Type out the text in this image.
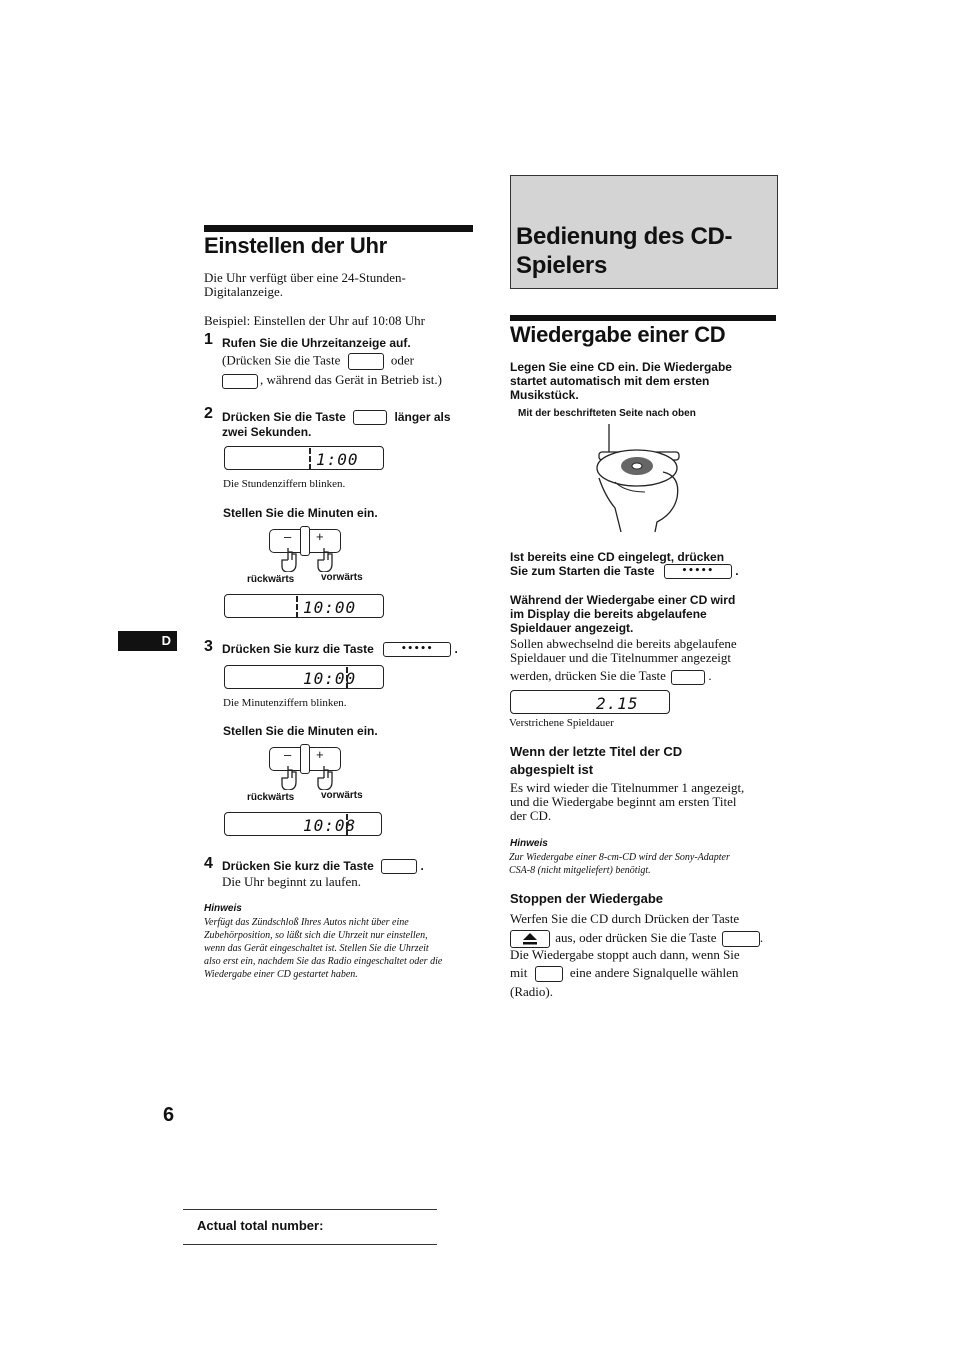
Einstellen der Uhr
Die Uhr verfügt über eine 24-Stunden-
Digitalanzeige.
Beispiel: Einstellen der Uhr auf 10:08 Uhr
1 Rufen Sie die Uhrzeitanzeige auf.
(Drücken Sie die Taste	oder
, während das Gerät in Betrieb ist.)
2 Drücken Sie die Taste	länger als
zwei Sekunden.
1:00
Die Stundenziffern blinken.
Stellen Sie die Minuten ein.
– +
rückwärts	vorwärts
10:00
D 3 Drücken Sie kurz die Taste	••••• .
10:00
Die Minutenziffern blinken.
Stellen Sie die Minuten ein.
– +
rückwärts	vorwärts
10:08
4 Drücken Sie kurz die Taste	.
Die Uhr beginnt zu laufen.
Hinweis
Verfügt das Zündschloß Ihres Autos nicht über eine
Zubehörposition, so läßt sich die Uhrzeit nur einstellen,
wenn das Gerät eingeschaltet ist. Stellen Sie die Uhrzeit
also erst ein, nachdem Sie das Radio eingeschaltet oder die
Wiedergabe einer CD gestartet haben.
Bedienung des CD-
Spielers
Wiedergabe einer CD
Legen Sie eine CD ein. Die Wiedergabe
startet automatisch mit dem ersten
Musikstück.
Mit der beschrifteten Seite nach oben
Ist bereits eine CD eingelegt, drücken
Sie zum Starten die Taste	••••• .
Während der Wiedergabe einer CD wird
im Display die bereits abgelaufene
Spieldauer angezeigt.
Sollen abwechselnd die bereits abgelaufene
Spieldauer und die Titelnummer angezeigt
werden, drücken Sie die Taste	.
2.15
Verstrichene Spieldauer
Wenn der letzte Titel der CD
abgespielt ist
Es wird wieder die Titelnummer 1 angezeigt,
und die Wiedergabe beginnt am ersten Titel
der CD.
Hinweis
Zur Wiedergabe einer 8-cm-CD wird der Sony-Adapter
CSA-8 (nicht mitgeliefert) benötigt.
Stoppen der Wiedergabe
Werfen Sie die CD durch Drücken der Taste
aus, oder drücken Sie die Taste	.
Die Wiedergabe stoppt auch dann, wenn Sie
mit	eine andere Signalquelle wählen
(Radio).
6
Actual total number:
